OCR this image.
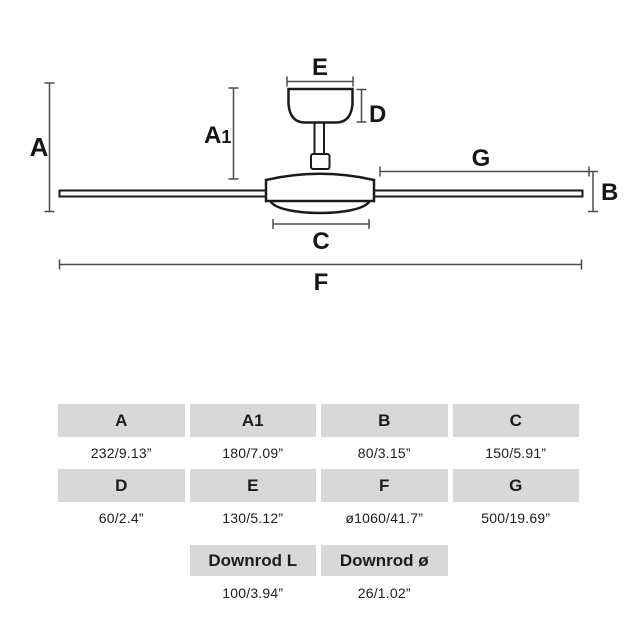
A	A1
E
D
G
B
C
F
A	A1	B	C
232/9.13”	180/7.09”	80/3.15”	150/5.91”
D	E	F	G
60/2.4”	130/5.12”	ø1060/41.7”	500/19.69”
Downrod L	Downrod ø
100/3.94”	26/1.02”
